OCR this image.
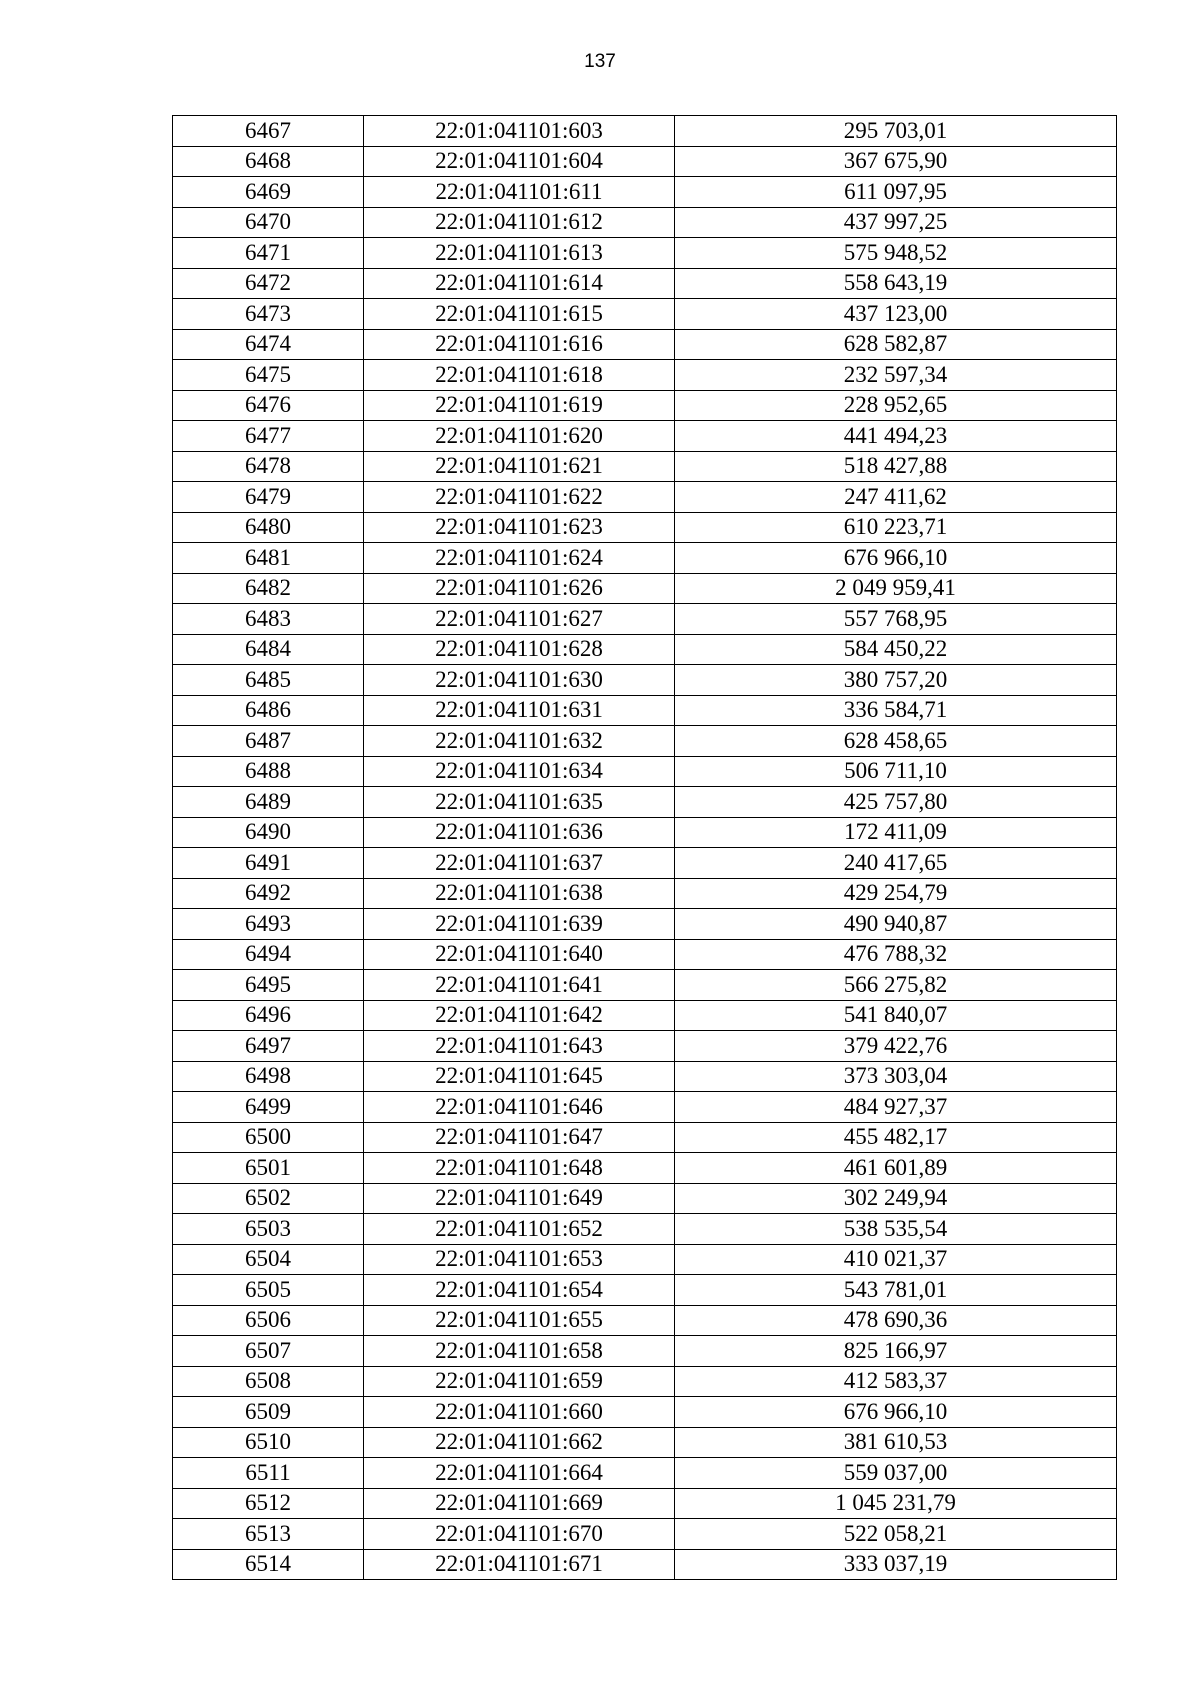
137
6467	22:01:041101:603	295 703,01
6468	22:01:041101:604	367 675,90
6469	22:01:041101:611	611 097,95
6470	22:01:041101:612	437 997,25
6471	22:01:041101:613	575 948,52
6472	22:01:041101:614	558 643,19
6473	22:01:041101:615	437 123,00
6474	22:01:041101:616	628 582,87
6475	22:01:041101:618	232 597,34
6476	22:01:041101:619	228 952,65
6477	22:01:041101:620	441 494,23
6478	22:01:041101:621	518 427,88
6479	22:01:041101:622	247 411,62
6480	22:01:041101:623	610 223,71
6481	22:01:041101:624	676 966,10
6482	22:01:041101:626	2 049 959,41
6483	22:01:041101:627	557 768,95
6484	22:01:041101:628	584 450,22
6485	22:01:041101:630	380 757,20
6486	22:01:041101:631	336 584,71
6487	22:01:041101:632	628 458,65
6488	22:01:041101:634	506 711,10
6489	22:01:041101:635	425 757,80
6490	22:01:041101:636	172 411,09
6491	22:01:041101:637	240 417,65
6492	22:01:041101:638	429 254,79
6493	22:01:041101:639	490 940,87
6494	22:01:041101:640	476 788,32
6495	22:01:041101:641	566 275,82
6496	22:01:041101:642	541 840,07
6497	22:01:041101:643	379 422,76
6498	22:01:041101:645	373 303,04
6499	22:01:041101:646	484 927,37
6500	22:01:041101:647	455 482,17
6501	22:01:041101:648	461 601,89
6502	22:01:041101:649	302 249,94
6503	22:01:041101:652	538 535,54
6504	22:01:041101:653	410 021,37
6505	22:01:041101:654	543 781,01
6506	22:01:041101:655	478 690,36
6507	22:01:041101:658	825 166,97
6508	22:01:041101:659	412 583,37
6509	22:01:041101:660	676 966,10
6510	22:01:041101:662	381 610,53
6511	22:01:041101:664	559 037,00
6512	22:01:041101:669	1 045 231,79
6513	22:01:041101:670	522 058,21
6514	22:01:041101:671	333 037,19
